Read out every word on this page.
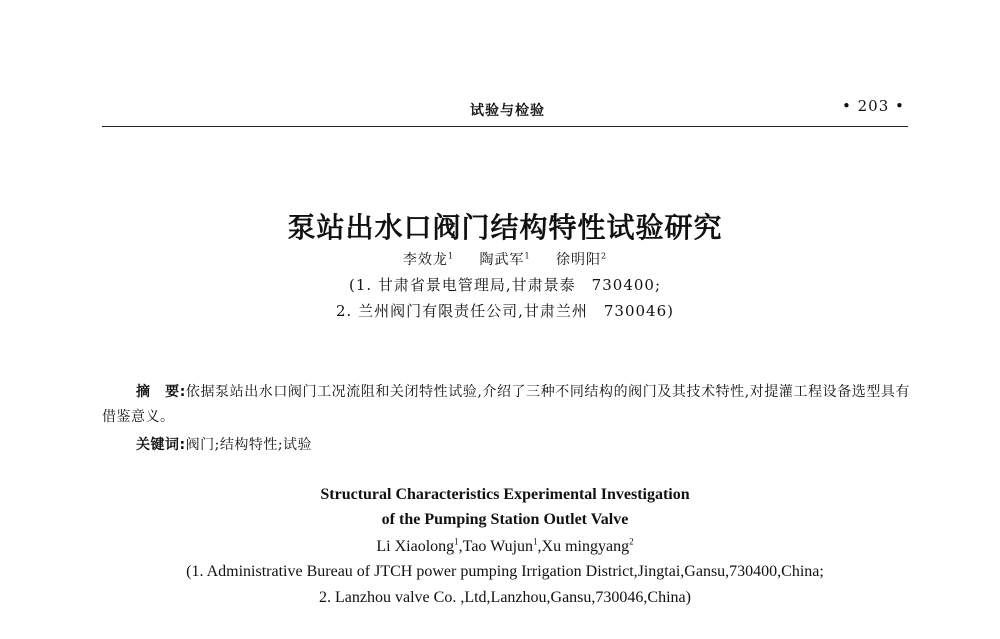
试验与检验	• 203 •
泵站出水口阀门结构特性试验研究
李效龙$^1$ 陶武军$^1$ 徐明阳$^2$
(1. 甘肃省景电管理局,甘肃景泰　730400;
2. 兰州阀门有限责任公司,甘肃兰州　730046)
摘　要:依据泵站出水口阀门工况流阻和关闭特性试验,介绍了三种不同结构的阀门及其技术特性,对提灌工程设备选型具有借鉴意义。
关键词:阀门;结构特性;试验
Structural Characteristics Experimental Investigation
of the Pumping Station Outlet Valve
Li Xiaolong$^1$,Tao Wujun$^1$,Xu mingyang$^2$
(1. Administrative Bureau of JTCH power pumping Irrigation District,Jingtai,Gansu,730400,China;
2. Lanzhou valve Co. ,Ltd,Lanzhou,Gansu,730046,China)
